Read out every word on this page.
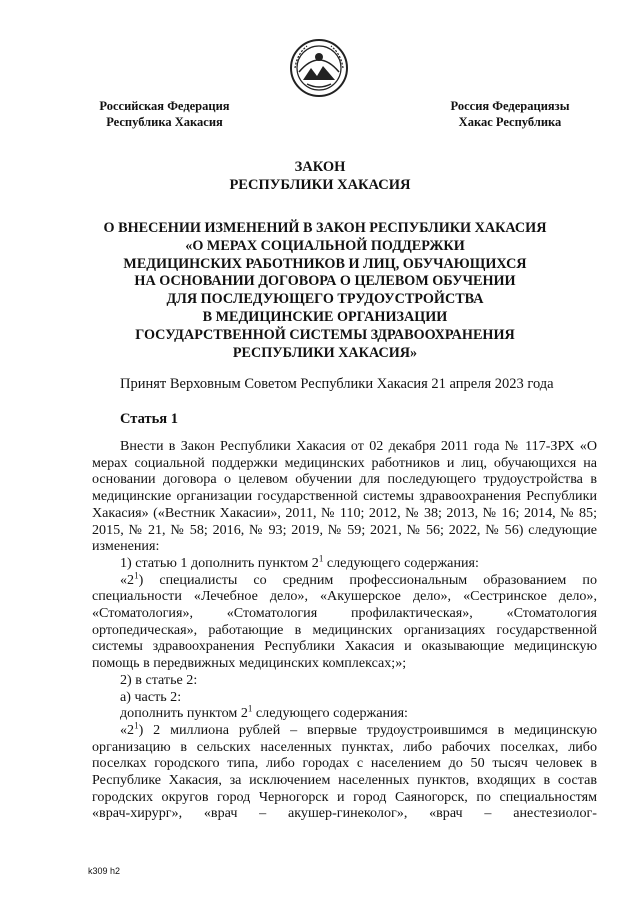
Российская Федерация
Республика Хакасия
Россия Федерациязы
Хакас Республика
ЗАКОН
РЕСПУБЛИКИ ХАКАСИЯ
О ВНЕСЕНИИ ИЗМЕНЕНИЙ В ЗАКОН РЕСПУБЛИКИ ХАКАСИЯ
«О МЕРАХ СОЦИАЛЬНОЙ ПОДДЕРЖКИ
МЕДИЦИНСКИХ РАБОТНИКОВ И ЛИЦ, ОБУЧАЮЩИХСЯ
НА ОСНОВАНИИ ДОГОВОРА О ЦЕЛЕВОМ ОБУЧЕНИИ
ДЛЯ ПОСЛЕДУЮЩЕГО ТРУДОУСТРОЙСТВА
В МЕДИЦИНСКИЕ ОРГАНИЗАЦИИ
ГОСУДАРСТВЕННОЙ СИСТЕМЫ ЗДРАВООХРАНЕНИЯ
РЕСПУБЛИКИ ХАКАСИЯ»
Принят Верховным Советом Республики Хакасия 21 апреля 2023 года
Статья 1

Внести в Закон Республики Хакасия от 02 декабря 2011 года № 117-ЗРХ «О мерах социальной поддержки медицинских работников и лиц, обучающихся на основании договора о целевом обучении для последующего трудоустройства в медицинские организации государственной системы здравоохранения Республики Хакасия» («Вестник Хакасии», 2011, № 110; 2012, № 38; 2013, № 16; 2014, № 85; 2015, № 21, № 58; 2016, № 93; 2019, № 59; 2021, № 56; 2022, № 56) следующие изменения:

1) статью 1 дополнить пунктом $2^1$ следующего содержания:

«$2^1$) специалисты со средним профессиональным образованием по специальности «Лечебное дело», «Акушерское дело», «Сестринское дело», «Стоматология», «Стоматология профилактическая», «Стоматология ортопедическая», работающие в медицинских организациях государственной системы здравоохранения Республики Хакасия и оказывающие медицинскую помощь в передвижных медицинских комплексах;»;

2) в статье 2:

а) часть 2:

дополнить пунктом $2^1$ следующего содержания:

«$2^1$) 2 миллиона рублей – впервые трудоустроившимся в медицинскую организацию в сельских населенных пунктах, либо рабочих поселках, либо поселках городского типа, либо городах с населением до 50 тысяч человек в Республике Хакасия, за исключением населенных пунктов, входящих в состав городских округов город Черногорск и город Саяногорск, по специальностям «врач-хирург», «врач – акушер-гинеколог», «врач – анестезиолог-

k309 h2
